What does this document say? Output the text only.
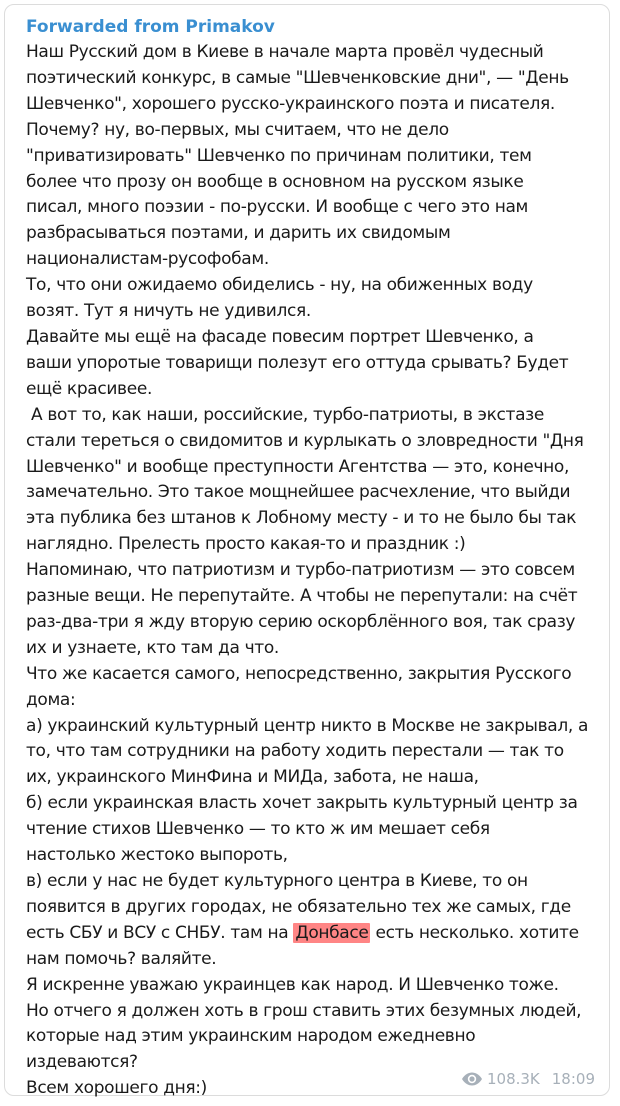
Forwarded from Primakov
Наш Русский дом в Киеве в начале марта провёл чудесный
поэтический конкурс, в самые "Шевченковские дни", — "День
Шевченко", хорошего русско-украинского поэта и писателя.
Почему? ну, во-первых, мы считаем, что не дело
"приватизировать" Шевченко по причинам политики, тем
более что прозу он вообще в основном на русском языке
писал, много поэзии - по-русски. И вообще с чего это нам
разбрасываться поэтами, и дарить их свидомым
националистам-русофобам.
То, что они ожидаемо обиделись - ну, на обиженных воду
возят. Тут я ничуть не удивился.
Давайте мы ещё на фасаде повесим портрет Шевченко, а
ваши упоротые товарищи полезут его оттуда срывать? Будет
ещё красивее.
А вот то, как наши, российские, турбо-патриоты, в экстазе
стали тереться о свидомитов и курлыкать о зловредности "Дня
Шевченко" и вообще преступности Агентства — это, конечно,
замечательно. Это такое мощнейшее расчехление, что выйди
эта публика без штанов к Лобному месту - и то не было бы так
наглядно. Прелесть просто какая-то и праздник :)
Напоминаю, что патриотизм и турбо-патриотизм — это совсем
разные вещи. Не перепутайте. А чтобы не перепутали: на счёт
раз-два-три я жду вторую серию оскорблённого воя, так сразу
их и узнаете, кто там да что.
Что же касается самого, непосредственно, закрытия Русского
дома:
а) украинский культурный центр никто в Москве не закрывал, а
то, что там сотрудники на работу ходить перестали — так то
их, украинского МинФина и МИДа, забота, не наша,
б) если украинская власть хочет закрыть культурный центр за
чтение стихов Шевченко — то кто ж им мешает себя
настолько жестоко выпороть,
в) если у нас не будет культурного центра в Киеве, то он
появится в других городах, не обязательно тех же самых, где
есть СБУ и ВСУ с СНБУ. там на Донбасе есть несколько. хотите
нам помочь? валяйте.
Я искренне уважаю украинцев как народ. И Шевченко тоже.
Но отчего я должен хоть в грош ставить этих безумных людей,
которые над этим украинским народом ежедневно
издеваются?
Всем хорошего дня:)	108.3K 18:09
